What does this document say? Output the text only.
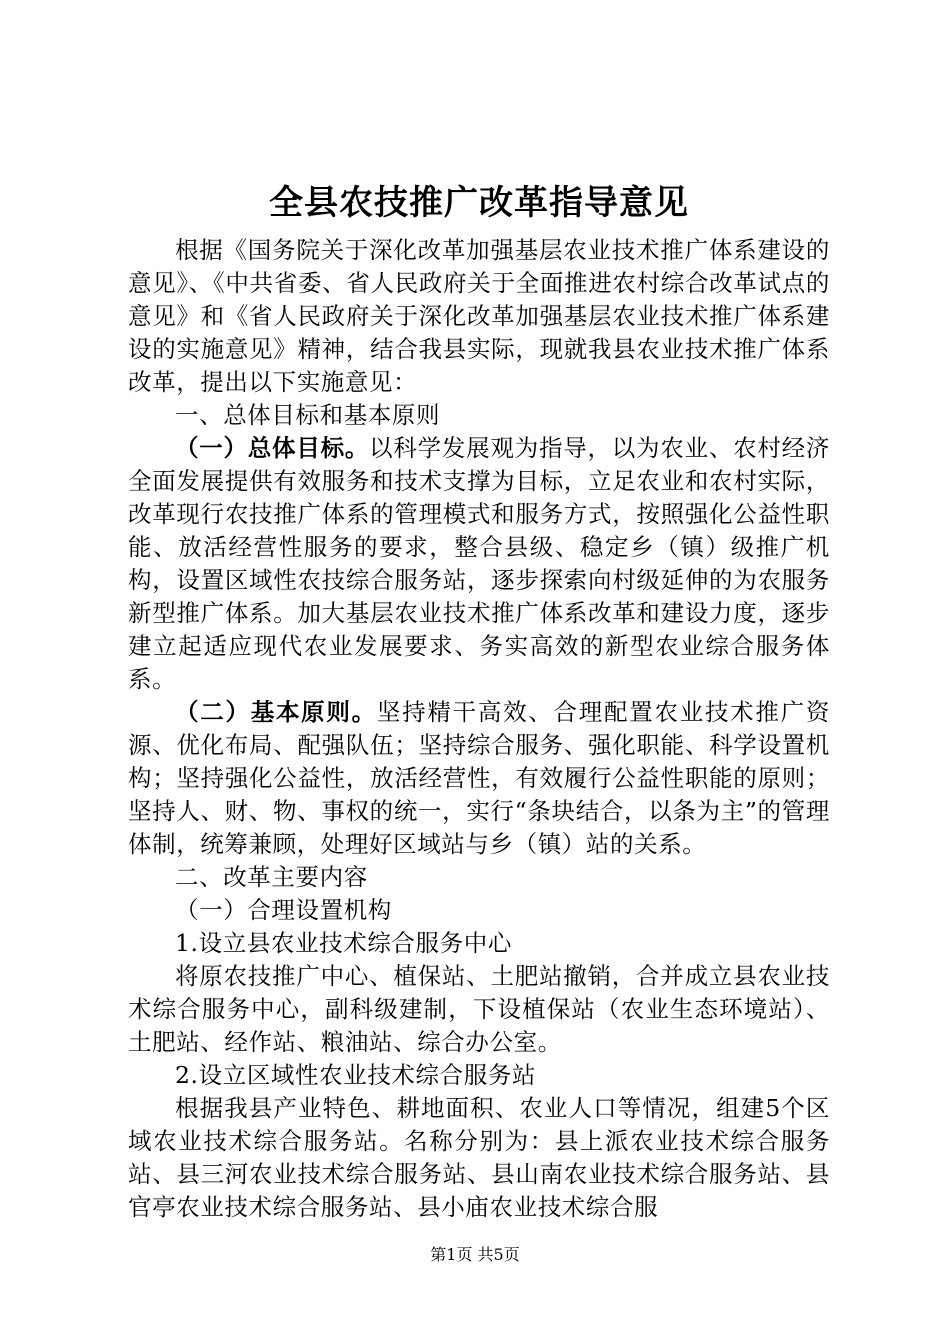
全县农技推广改革指导意见

根据《国务院关于深化改革加强基层农业技术推广体系建设的意见》、《中共省委、省人民政府关于全面推进农村综合改革试点的意见》和《省人民政府关于深化改革加强基层农业技术推广体系建设的实施意见》精神，结合我县实际，现就我县农业技术推广体系改革，提出以下实施意见：

一、总体目标和基本原则

（一）总体目标。以科学发展观为指导，以为农业、农村经济全面发展提供有效服务和技术支撑为目标，立足农业和农村实际，改革现行农技推广体系的管理模式和服务方式，按照强化公益性职能、放活经营性服务的要求，整合县级、稳定乡（镇）级推广机构，设置区域性农技综合服务站，逐步探索向村级延伸的为农服务新型推广体系。加大基层农业技术推广体系改革和建设力度，逐步建立起适应现代农业发展要求、务实高效的新型农业综合服务体系。

（二）基本原则。坚持精干高效、合理配置农业技术推广资源、优化布局、配强队伍；坚持综合服务、强化职能、科学设置机构；坚持强化公益性，放活经营性，有效履行公益性职能的原则；坚持人、财、物、事权的统一，实行“条块结合，以条为主”的管理体制，统筹兼顾，处理好区域站与乡（镇）站的关系。

二、改革主要内容

（一）合理设置机构

1.设立县农业技术综合服务中心

将原农技推广中心、植保站、土肥站撤销，合并成立县农业技术综合服务中心，副科级建制，下设植保站（农业生态环境站）、土肥站、经作站、粮油站、综合办公室。

2.设立区域性农业技术综合服务站

根据我县产业特色、耕地面积、农业人口等情况，组建5个区域农业技术综合服务站。名称分别为：县上派农业技术综合服务站、县三河农业技术综合服务站、县山南农业技术综合服务站、县官亭农业技术综合服务站、县小庙农业技术综合服

第1页 共5页
